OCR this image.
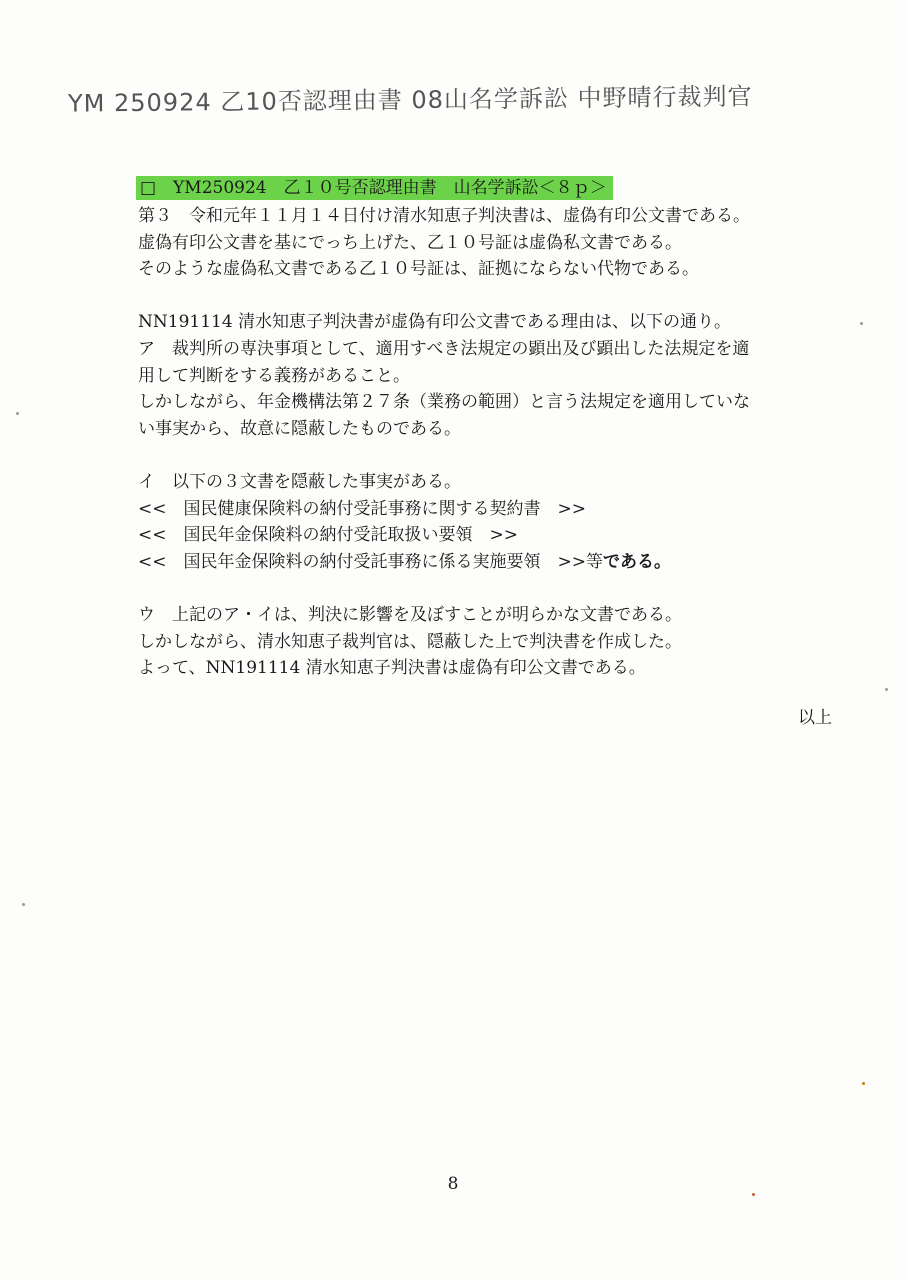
YM 250924 乙10否認理由書 08山名学訴訟 中野晴行裁判官
□　YM250924　乙１０号否認理由書　山名学訴訟＜８ｐ＞
第３　令和元年１１月１４日付け清水知恵子判決書は、虚偽有印公文書である。
虚偽有印公文書を基にでっち上げた、乙１０号証は虚偽私文書である。
そのような虚偽私文書である乙１０号証は、証拠にならない代物である。
NN191114 清水知恵子判決書が虚偽有印公文書である理由は、以下の通り。
ア　裁判所の専決事項として、適用すべき法規定の顕出及び顕出した法規定を適
用して判断をする義務があること。
しかしながら、年金機構法第２７条（業務の範囲）と言う法規定を適用していな
い事実から、故意に隠蔽したものである。
イ　以下の３文書を隠蔽した事実がある。
<<　国民健康保険料の納付受託事務に関する契約書　>>
<<　国民年金保険料の納付受託取扱い要領　>>
<<　国民年金保険料の納付受託事務に係る実施要領　>>等である。
ウ　上記のア・イは、判決に影響を及ぼすことが明らかな文書である。
しかしながら、清水知恵子裁判官は、隠蔽した上で判決書を作成した。
よって、NN191114 清水知恵子判決書は虚偽有印公文書である。
以上
8
